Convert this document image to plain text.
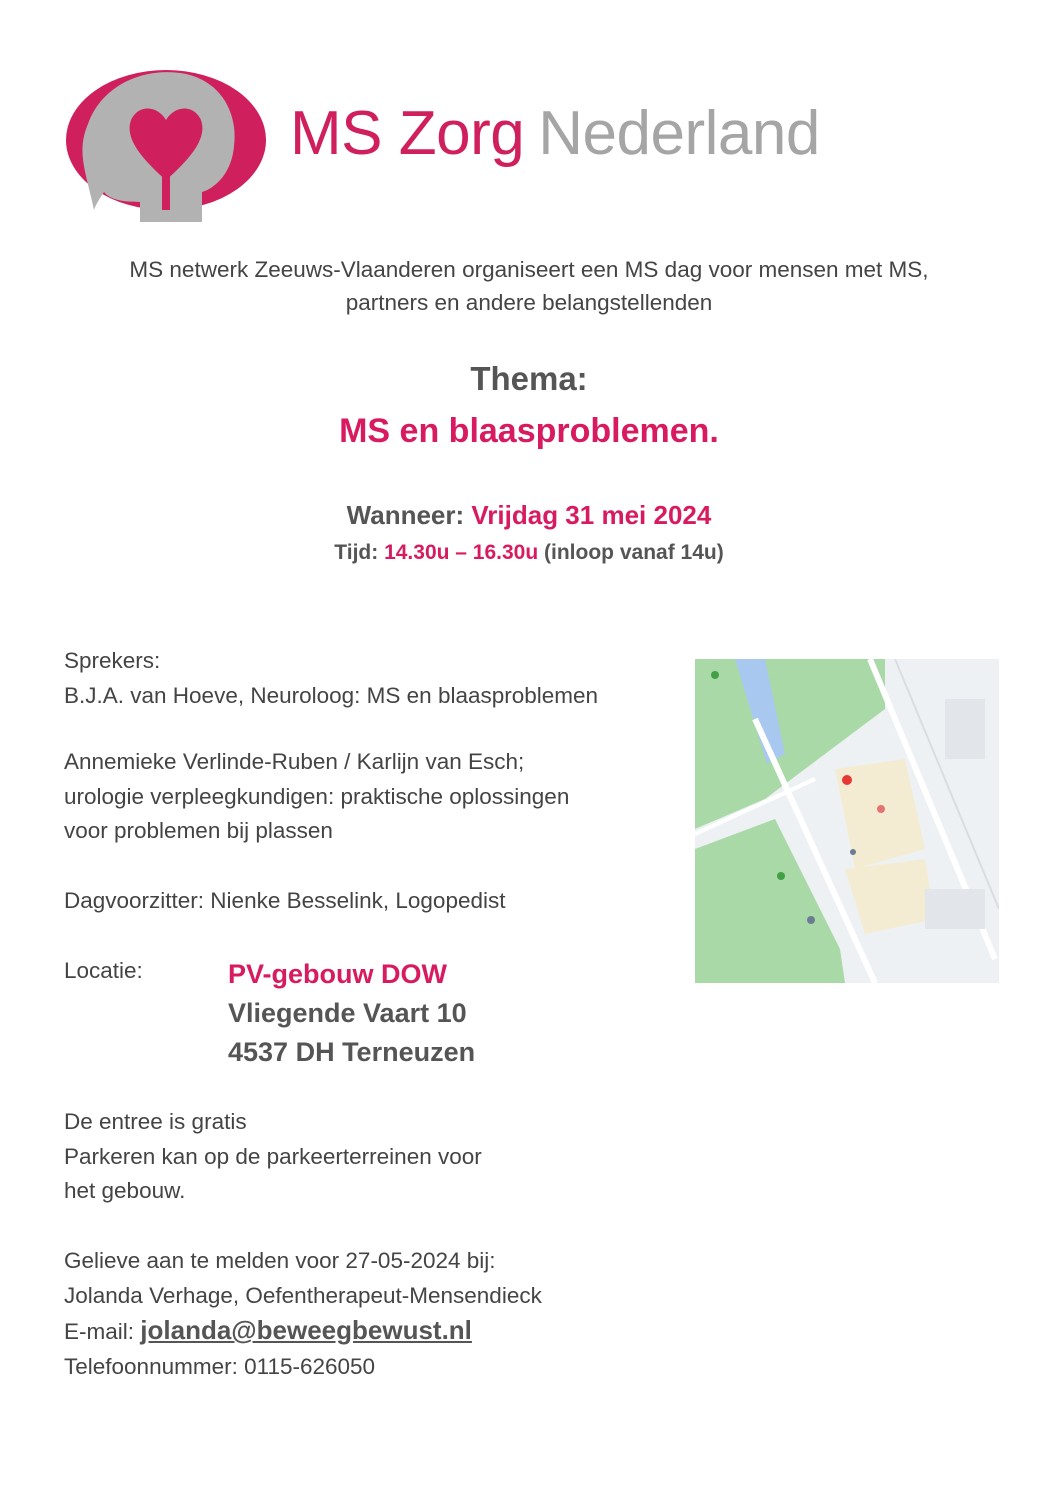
MS Zorg Nederland
MS netwerk Zeeuws-Vlaanderen organiseert een MS dag voor mensen met MS,
partners en andere belangstellenden
Thema:
MS en blaasproblemen.
Wanneer: Vrijdag 31 mei 2024
Tijd: 14.30u – 16.30u (inloop vanaf 14u)
Sprekers:
B.J.A. van Hoeve, Neuroloog: MS en blaasproblemen
Annemieke Verlinde-Ruben / Karlijn van Esch;
urologie verpleegkundigen: praktische oplossingen
voor problemen bij plassen
Dagvoorzitter: Nienke Besselink, Logopedist
Locatie:	PV-gebouw DOW
Vliegende Vaart 10
4537 DH Terneuzen
De entree is gratis
Parkeren kan op de parkeerterreinen voor
het gebouw.
Gelieve aan te melden voor 27-05-2024 bij:
Jolanda Verhage, Oefentherapeut-Mensendieck
E-mail: jolanda@beweegbewust.nl
Telefoonnummer: 0115-626050
